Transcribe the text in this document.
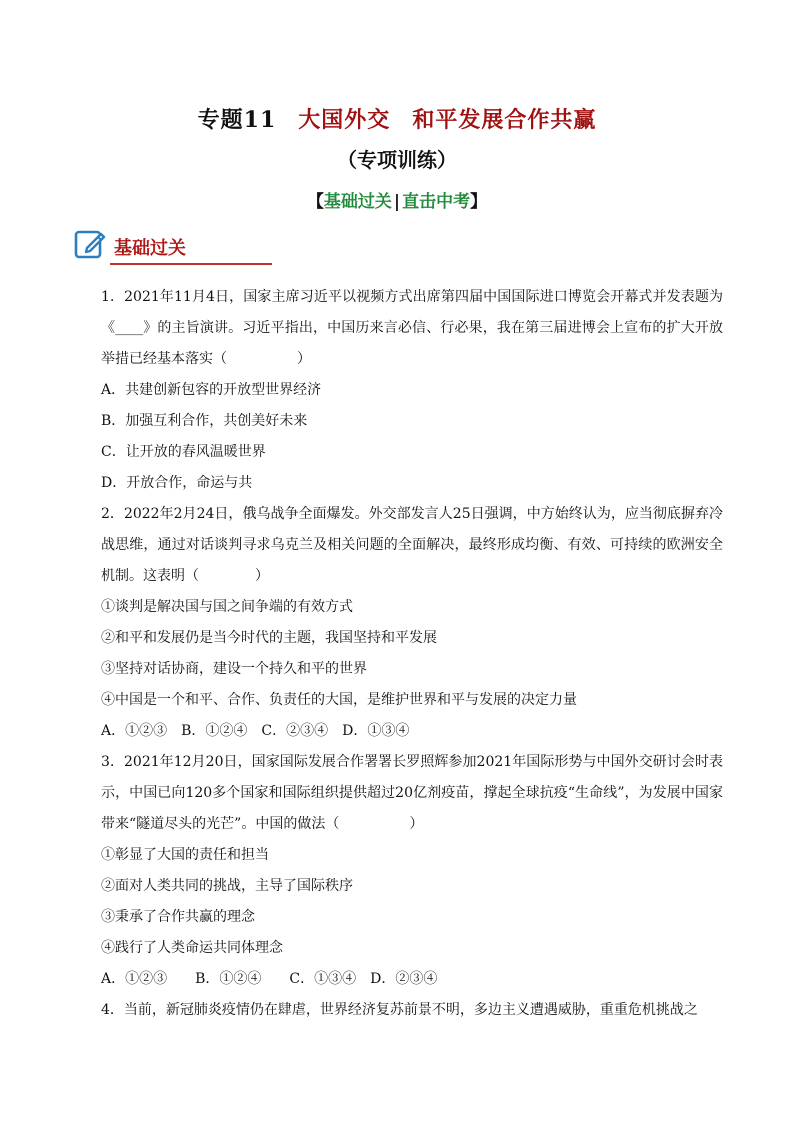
专题11 大国外交 和平发展合作共赢
（专项训练）
【基础过关 | 直击中考】
基础过关

1．2021年11月4日，国家主席习近平以视频方式出席第四届中国国际进口博览会开幕式并发表题为《____》的主旨演讲。习近平指出，中国历来言必信、行必果，我在第三届进博会上宣布的扩大开放举措已经基本落实（　　　　　）

A．共建创新包容的开放型世界经济

B．加强互利合作，共创美好未来

C．让开放的春风温暖世界

D．开放合作，命运与共

2．2022年2月24日，俄乌战争全面爆发。外交部发言人25日强调，中方始终认为，应当彻底摒弃冷战思维，通过对话谈判寻求乌克兰及相关问题的全面解决，最终形成均衡、有效、可持续的欧洲安全机制。这表明（　　　　）

①谈判是解决国与国之间争端的有效方式

②和平和发展仍是当今时代的主题，我国坚持和平发展

③坚持对话协商，建设一个持久和平的世界

④中国是一个和平、合作、负责任的大国，是维护世界和平与发展的决定力量

A．①②③　B．①②④　C．②③④　D．①③④

3．2021年12月20日，国家国际发展合作署署长罗照辉参加2021年国际形势与中国外交研讨会时表示，中国已向120多个国家和国际组织提供超过20亿剂疫苗，撑起全球抗疫“生命线”，为发展中国家带来“隧道尽头的光芒”。中国的做法（　　　　　）

①彰显了大国的责任和担当

②面对人类共同的挑战，主导了国际秩序

③秉承了合作共赢的理念

④践行了人类命运共同体理念

A．①②③　　B．①②④　　C．①③④　D．②③④

4．当前，新冠肺炎疫情仍在肆虐，世界经济复苏前景不明，多边主义遭遇威胁，重重危机挑战之
